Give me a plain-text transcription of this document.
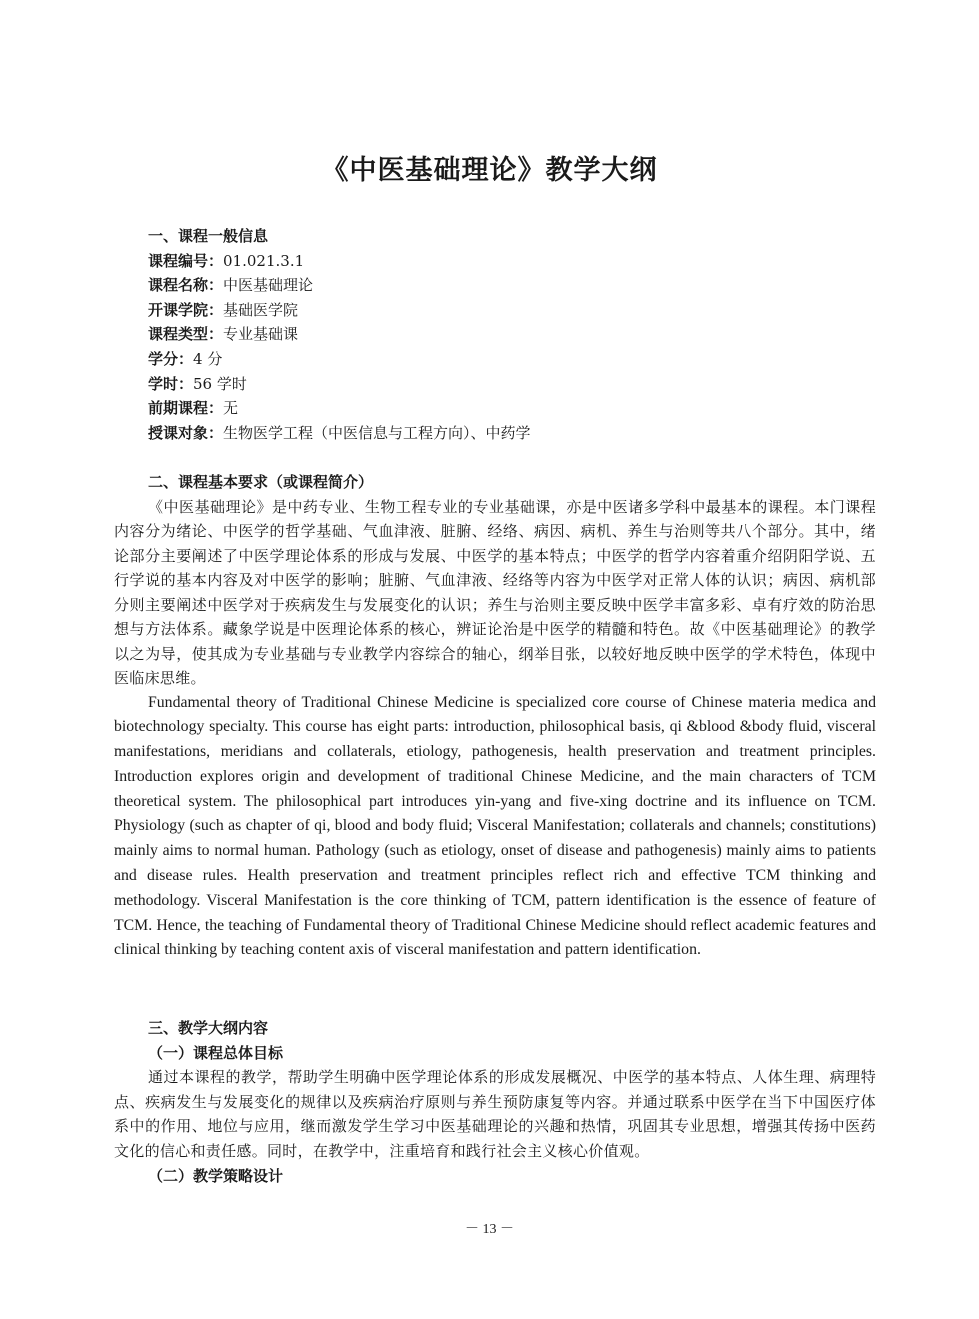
《中医基础理论》教学大纲

一、课程一般信息

课程编号：01.021.3.1
课程名称：中医基础理论
开课学院：基础医学院
课程类型：专业基础课
学分：4 分
学时：56 学时
前期课程：无
授课对象：生物医学工程（中医信息与工程方向）、中药学

二、课程基本要求（或课程简介）

《中医基础理论》是中药专业、生物工程专业的专业基础课，亦是中医诸多学科中最基本的课程。本门课程内容分为绪论、中医学的哲学基础、气血津液、脏腑、经络、病因、病机、养生与治则等共八个部分。其中，绪论部分主要阐述了中医学理论体系的形成与发展、中医学的基本特点；中医学的哲学内容着重介绍阴阳学说、五行学说的基本内容及对中医学的影响；脏腑、气血津液、经络等内容为中医学对正常人体的认识；病因、病机部分则主要阐述中医学对于疾病发生与发展变化的认识；养生与治则主要反映中医学丰富多彩、卓有疗效的防治思想与方法体系。藏象学说是中医理论体系的核心，辨证论治是中医学的精髓和特色。故《中医基础理论》的教学以之为导，使其成为专业基础与专业教学内容综合的轴心，纲举目张，以较好地反映中医学的学术特色，体现中医临床思维。

Fundamental theory of Traditional Chinese Medicine is specialized core course of Chinese materia medica and biotechnology specialty. This course has eight parts: introduction, philosophical basis, qi &blood &body fluid, visceral manifestations, meridians and collaterals, etiology, pathogenesis, health preservation and treatment principles. Introduction explores origin and development of traditional Chinese Medicine, and the main characters of TCM theoretical system. The philosophical part introduces yin-yang and five-xing doctrine and its influence on TCM. Physiology (such as chapter of qi, blood and body fluid; Visceral Manifestation; collaterals and channels; constitutions) mainly aims to normal human. Pathology (such as etiology, onset of disease and pathogenesis) mainly aims to patients and disease rules. Health preservation and treatment principles reflect rich and effective TCM thinking and methodology. Visceral Manifestation is the core thinking of TCM, pattern identification is the essence of feature of TCM. Hence, the teaching of Fundamental theory of Traditional Chinese Medicine should reflect academic features and clinical thinking by teaching content axis of visceral manifestation and pattern identification.

三、教学大纲内容

（一）课程总体目标

通过本课程的教学，帮助学生明确中医学理论体系的形成发展概况、中医学的基本特点、人体生理、病理特点、疾病发生与发展变化的规律以及疾病治疗原则与养生预防康复等内容。并通过联系中医学在当下中国医疗体系中的作用、地位与应用，继而激发学生学习中医基础理论的兴趣和热情，巩固其专业思想，增强其传扬中医药文化的信心和责任感。同时，在教学中，注重培育和践行社会主义核心价值观。

（二）教学策略设计

－ 13 －
